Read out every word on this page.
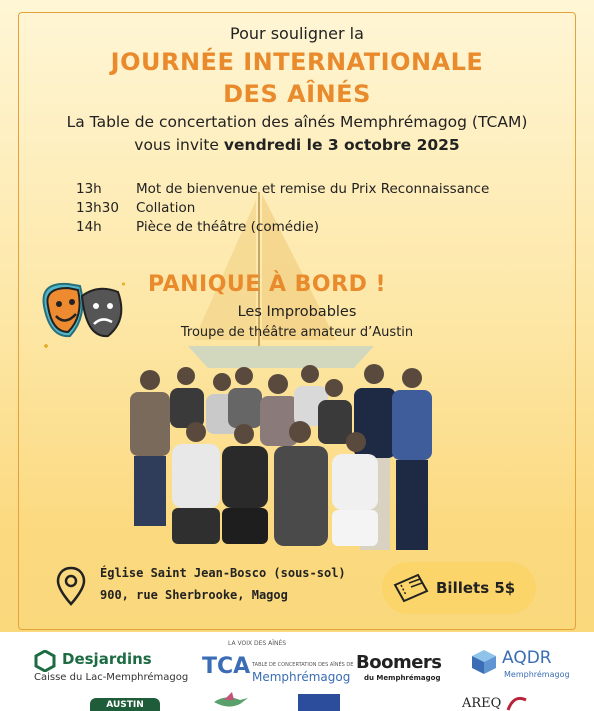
Pour souligner la
JOURNÉE INTERNATIONALE
DES AÎNÉS
La Table de concertation des aînés Memphrémagog (TCAM)
vous invite vendredi le 3 octobre 2025
13h	Mot de bienvenue et remise du Prix Reconnaissance
13h30	Collation
14h	Pièce de théâtre (comédie)
PANIQUE À BORD !
Les Improbables
Troupe de théâtre amateur d’Austin
Église Saint Jean-Bosco (sous-sol)
900, rue Sherbrooke, Magog	Billets 5$
Desjardins
Caisse du Lac-Memphrémagog
LA VOIX DES AÎNÉS
TCA TABLE DE CONCERTATION DES AÎNÉS DE
Memphrémagog
Boomers
du Memphrémagog
AQDR
Memphrémagog
AUSTIN	AREQ
